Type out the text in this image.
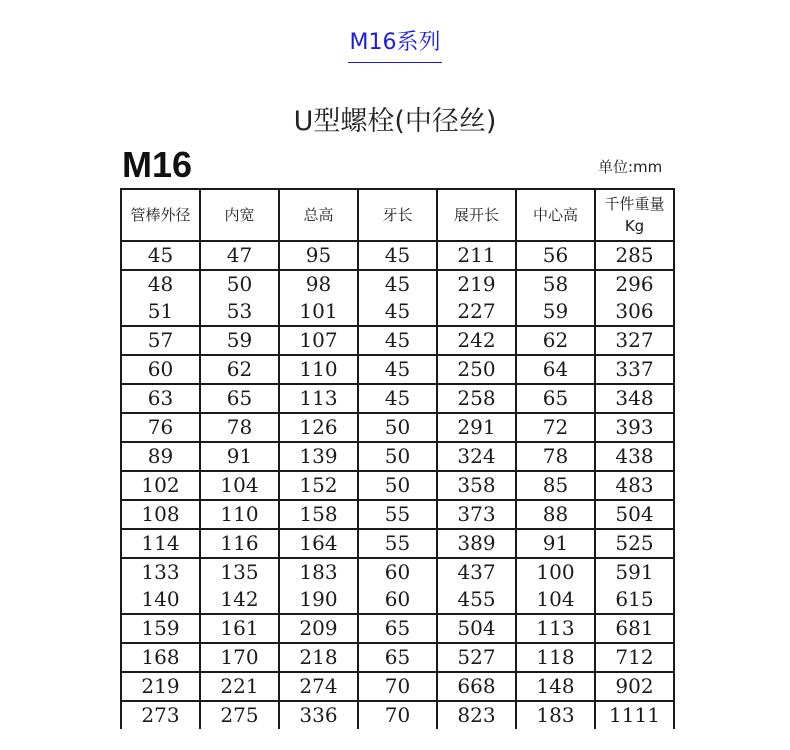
M16系列
U型螺栓(中径丝)
M16	单位:mm
管棒外径	内宽	总高	牙长	展开长	中心高	千件重量
Kg

45	47	95	45	211	56	285
48	50	98	45	219	58	296
51	53	101	45	227	59	306
57	59	107	45	242	62	327
60	62	110	45	250	64	337
63	65	113	45	258	65	348
76	78	126	50	291	72	393
89	91	139	50	324	78	438
102	104	152	50	358	85	483
108	110	158	55	373	88	504
114	116	164	55	389	91	525
133	135	183	60	437	100	591
140	142	190	60	455	104	615
159	161	209	65	504	113	681
168	170	218	65	527	118	712
219	221	274	70	668	148	902
273	275	336	70	823	183	1111
